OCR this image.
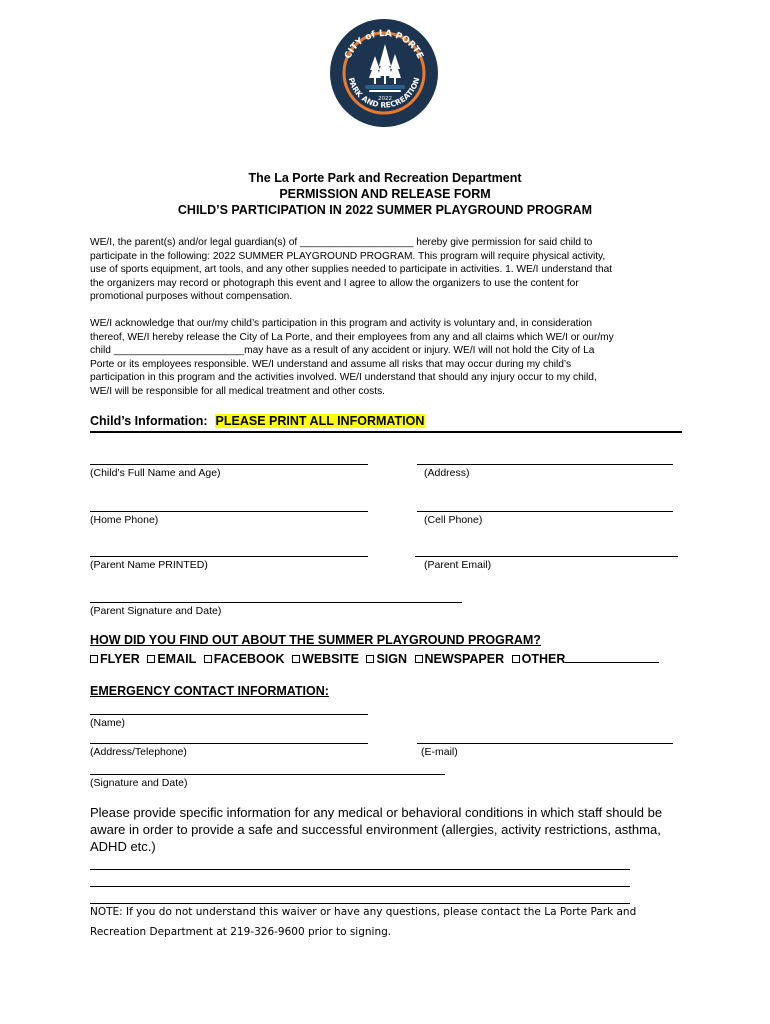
CITY of LA PORTE
PARK AND RECREATION
2022
The La Porte Park and Recreation Department
PERMISSION AND RELEASE FORM
CHILD’S PARTICIPATION IN 2022 SUMMER PLAYGROUND PROGRAM
WE/I, the parent(s) and/or legal guardian(s) of ____________________ hereby give permission for said child to
participate in the following: 2022 SUMMER PLAYGROUND PROGRAM. This program will require physical activity,
use of sports equipment, art tools, and any other supplies needed to participate in activities. 1. WE/I understand that
the organizers may record or photograph this event and I agree to allow the organizers to use the content for
promotional purposes without compensation.
WE/I acknowledge that our/my child’s participation in this program and activity is voluntary and, in consideration
thereof, WE/I hereby release the City of La Porte, and their employees from any and all claims which WE/I or our/my
child _______________________may have as a result of any accident or injury. WE/I will not hold the City of La
Porte or its employees responsible. WE/I understand and assume all risks that may occur during my child’s
participation in this program and the activities involved. WE/I understand that should any injury occur to my child,
WE/I will be responsible for all medical treatment and other costs.
Child’s Information: PLEASE PRINT ALL INFORMATION
(Child’s Full Name and Age)	(Address)
(Home Phone)	(Cell Phone)
(Parent Name PRINTED)	(Parent Email)
(Parent Signature and Date)
HOW DID YOU FIND OUT ABOUT THE SUMMER PLAYGROUND PROGRAM?
FLYER EMAIL FACEBOOK WEBSITE SIGN NEWSPAPER OTHER
EMERGENCY CONTACT INFORMATION:
(Name)
(Address/Telephone)	(E-mail)
(Signature and Date)
Please provide specific information for any medical or behavioral conditions in which staff should be aware in order to provide a safe and successful environment (allergies, activity restrictions, asthma, ADHD etc.)
NOTE: If you do not understand this waiver or have any questions, please contact the La Porte Park and Recreation Department at 219-326-9600 prior to signing.
